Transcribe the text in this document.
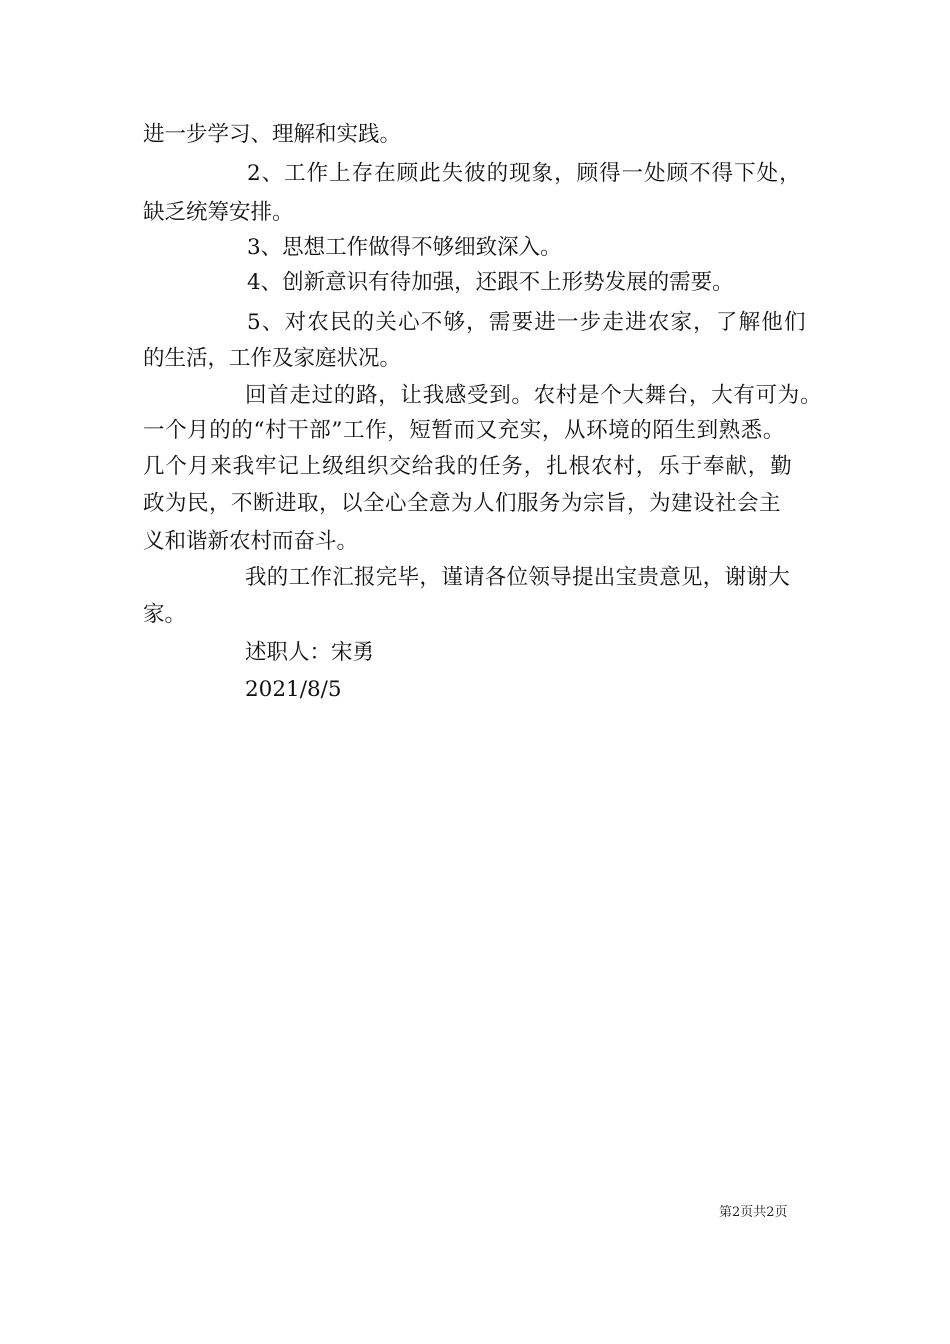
进一步学习、理解和实践。
2、工作上存在顾此失彼的现象，顾得一处顾不得下处，
缺乏统筹安排。
3、思想工作做得不够细致深入。
4、创新意识有待加强，还跟不上形势发展的需要。
5、对农民的关心不够，需要进一步走进农家，了解他们
的生活，工作及家庭状况。
回首走过的路，让我感受到。农村是个大舞台，大有可为。
一个月的的“村干部”工作，短暂而又充实，从环境的陌生到熟悉。
几个月来我牢记上级组织交给我的任务，扎根农村，乐于奉献，勤
政为民，不断进取，以全心全意为人们服务为宗旨，为建设社会主
义和谐新农村而奋斗。
我的工作汇报完毕，谨请各位领导提出宝贵意见，谢谢大
家。
述职人：宋勇
2021/8/5
第2页共2页
